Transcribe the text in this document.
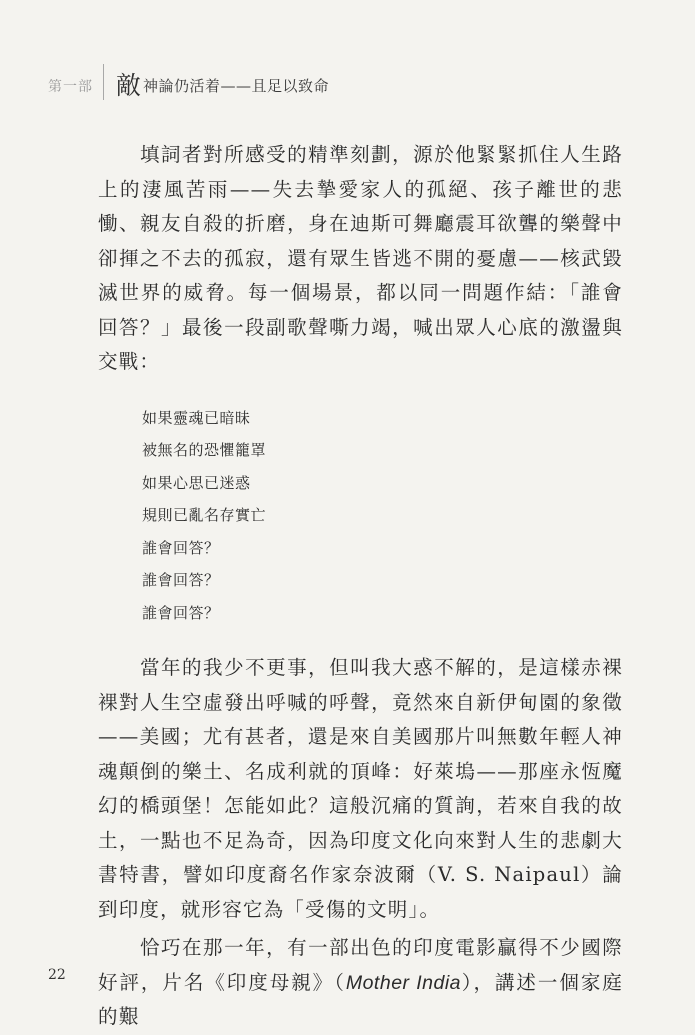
第一部 敵 神論仍活着——且足以致命

　　填詞者對所感受的精準刻劃，源於他緊緊抓住人生路上的淒風苦雨——失去摯愛家人的孤絕、孩子離世的悲慟、親友自殺的折磨，身在迪斯可舞廳震耳欲聾的樂聲中卻揮之不去的孤寂，還有眾生皆逃不開的憂慮——核武毀滅世界的威脅。每一個場景，都以同一問題作結：「誰會回答？」最後一段副歌聲嘶力竭，喊出眾人心底的激盪與交戰：

如果靈魂已暗昧
被無名的恐懼籠罩
如果心思已迷惑
規則已亂名存實亡
誰會回答？
誰會回答？
誰會回答？

　　當年的我少不更事，但叫我大惑不解的，是這樣赤裸裸對人生空虛發出呼喊的呼聲，竟然來自新伊甸園的象徵——美國；尤有甚者，還是來自美國那片叫無數年輕人神魂顛倒的樂土、名成利就的頂峰：好萊塢——那座永恆魔幻的橋頭堡！怎能如此？這般沉痛的質詢，若來自我的故土，一點也不足為奇，因為印度文化向來對人生的悲劇大書特書，譬如印度裔名作家奈波爾（V. S. Naipaul）論到印度，就形容它為「受傷的文明」。

　　恰巧在那一年，有一部出色的印度電影贏得不少國際好評，片名《印度母親》（Mother India），講述一個家庭的艱

22
